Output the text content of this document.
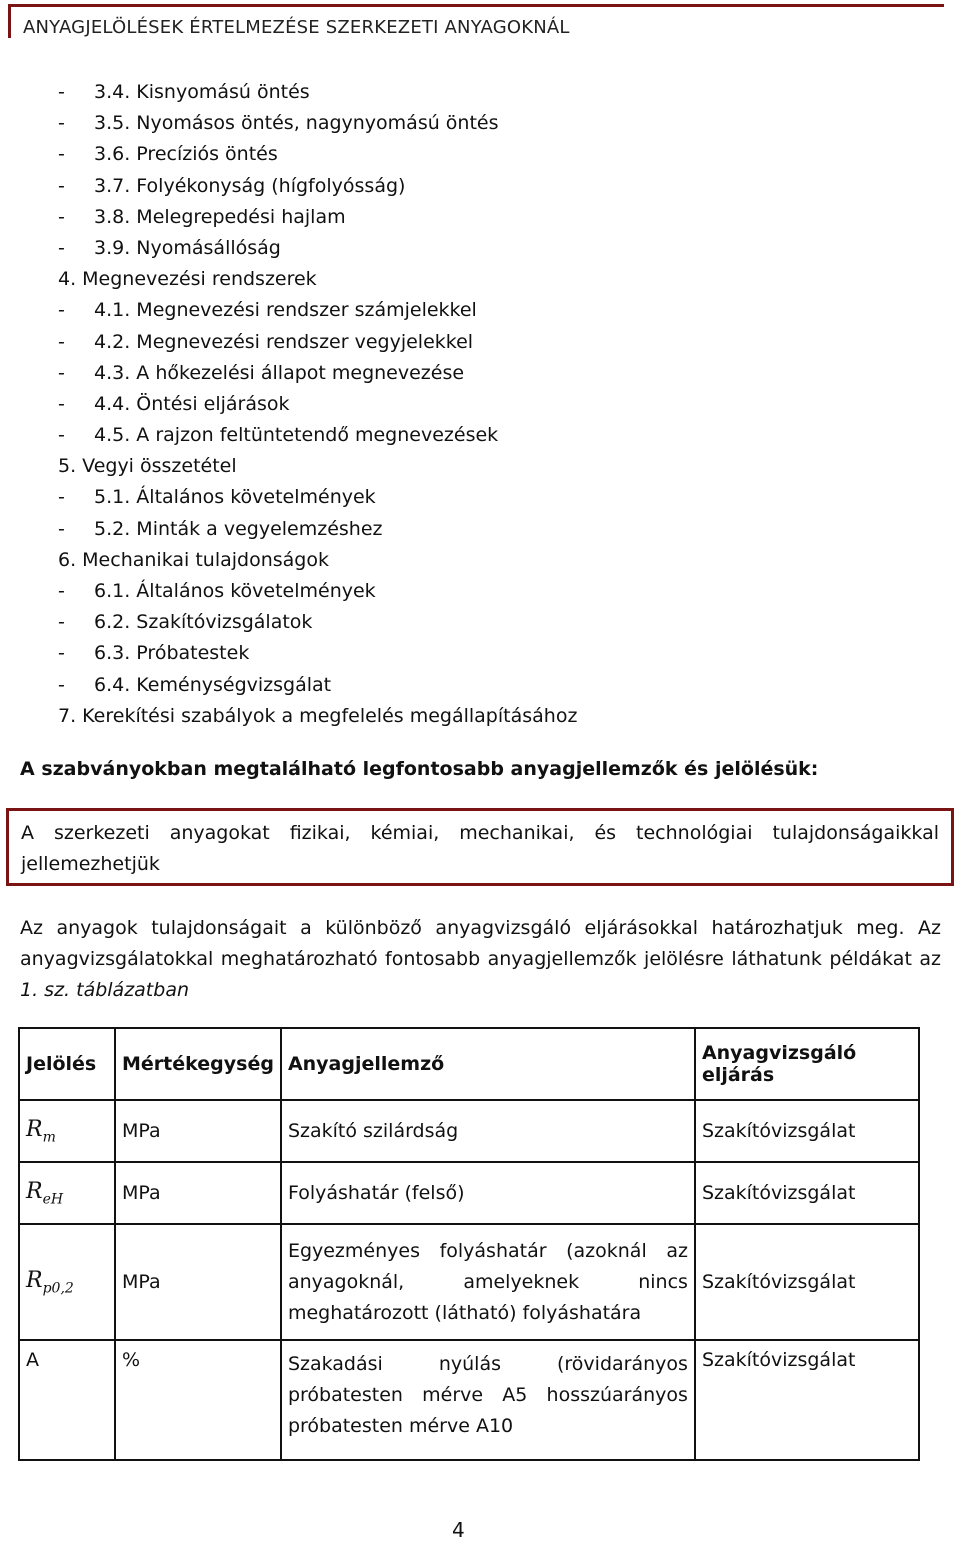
ANYAGJELÖLÉSEK ÉRTELMEZÉSE SZERKEZETI ANYAGOKNÁL
- 3.4. Kisnyomású öntés
- 3.5. Nyomásos öntés, nagynyomású öntés
- 3.6. Precíziós öntés
- 3.7. Folyékonyság (hígfolyósság)
- 3.8. Melegrepedési hajlam
- 3.9. Nyomásállóság
4. Megnevezési rendszerek
- 4.1. Megnevezési rendszer számjelekkel
- 4.2. Megnevezési rendszer vegyjelekkel
- 4.3. A hőkezelési állapot megnevezése
- 4.4. Öntési eljárások
- 4.5. A rajzon feltüntetendő megnevezések
5. Vegyi összetétel
- 5.1. Általános követelmények
- 5.2. Minták a vegyelemzéshez
6. Mechanikai tulajdonságok
- 6.1. Általános követelmények
- 6.2. Szakítóvizsgálatok
- 6.3. Próbatestek
- 6.4. Keménységvizsgálat
7. Kerekítési szabályok a megfelelés megállapításához
A szabványokban megtalálható legfontosabb anyagjellemzők és jelölésük:
A szerkezeti anyagokat fizikai, kémiai, mechanikai, és technológiai tulajdonságaikkal jellemezhetjük
Az anyagok tulajdonságait a különböző anyagvizsgáló eljárásokkal határozhatjuk meg. Az anyagvizsgálatokkal meghatározható fontosabb anyagjellemzők jelölésre láthatunk példákat az 1. sz. táblázatban
Jelölés	Mértékegység	Anyagjellemző	Anyagvizsgáló eljárás
$R_m$	MPa	Szakító szilárdság	Szakítóvizsgálat
$R_{eH}$	MPa	Folyáshatár (felső)	Szakítóvizsgálat
$R_{p0,2}$	MPa	Egyezményes folyáshatár (azoknál az anyagoknál, amelyeknek nincs meghatározott (látható) folyáshatára	Szakítóvizsgálat
A	%	Szakadási nyúlás (rövidarányos próbatesten mérve A5 hosszúarányos próbatesten mérve A10	Szakítóvizsgálat
4
